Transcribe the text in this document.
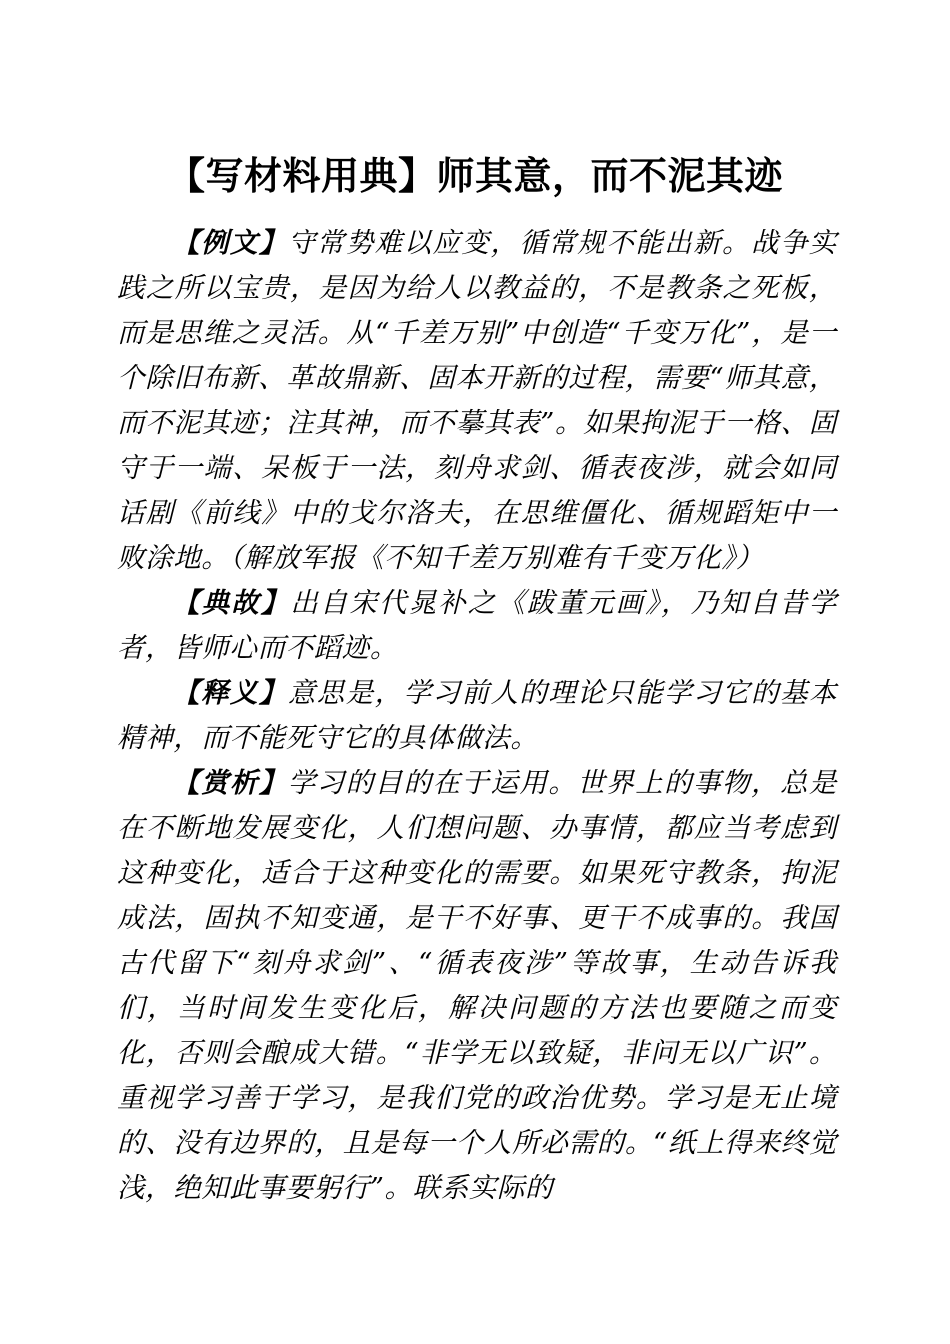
【写材料用典】师其意，而不泥其迹

【例文】守常势难以应变，循常规不能出新。战争实践之所以宝贵，是因为给人以教益的，不是教条之死板，而是思维之灵活。从“千差万别”中创造“千变万化”，是一个除旧布新、革故鼎新、固本开新的过程，需要“师其意，而不泥其迹；注其神，而不摹其表”。如果拘泥于一格、固守于一端、呆板于一法，刻舟求剑、循表夜涉，就会如同话剧《前线》中的戈尔洛夫，在思维僵化、循规蹈矩中一败涂地。（解放军报《不知千差万别难有千变万化》）

【典故】出自宋代晁补之《跋董元画》，乃知自昔学者，皆师心而不蹈迹。

【释义】意思是，学习前人的理论只能学习它的基本精神，而不能死守它的具体做法。

【赏析】学习的目的在于运用。世界上的事物，总是在不断地发展变化，人们想问题、办事情，都应当考虑到这种变化，适合于这种变化的需要。如果死守教条，拘泥成法，固执不知变通，是干不好事、更干不成事的。我国古代留下“刻舟求剑”、“循表夜涉”等故事，生动告诉我们，当时间发生变化后，解决问题的方法也要随之而变化，否则会酿成大错。“非学无以致疑，非问无以广识”。重视学习善于学习，是我们党的政治优势。学习是无止境的、没有边界的，且是每一个人所必需的。“纸上得来终觉浅，绝知此事要躬行”。联系实际的
